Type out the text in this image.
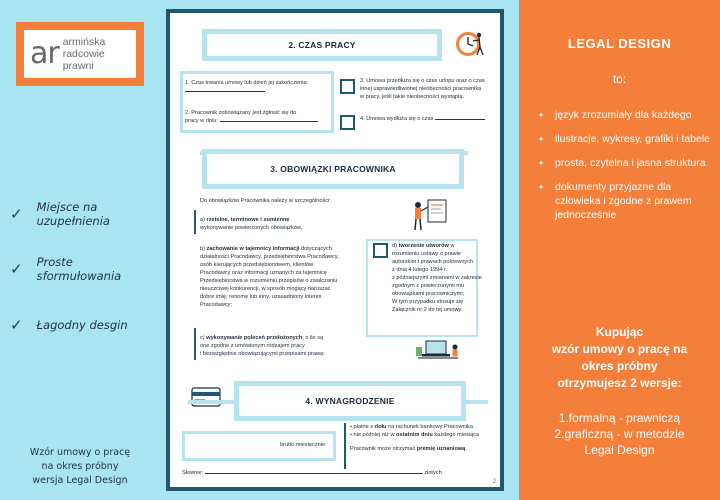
ar armińska
radcowie
prawni
✓ Miejsce na uzupełnienia
✓ Proste sformułowania
✓ Łagodny desgin
Wzór umowy o pracę
na okres próbny
wersja Legal Design
2. CZAS PRACY
1. Czas trwania umowy lub dzień jej zakończenia:
2. Pracownik zobowiązany jest zgłosić się do
pracy w dniu:
3. Umowa przedłuża się o czas urlopu oraz o czas
innej usprawiedliwionej nieobecności pracownika
w pracy, jeśli takie nieobecności wystąpią.
4. Umowa wydłuża się o czas
3. OBOWIĄZKI PRACOWNIKA
Do obowiązków Pracownika należy w szczególności:
a) rzetelne, terminowe i sumienne
wykonywanie powierzonych obowiązków,
b) zachowanie w tajemnicy informacji dotyczących
działalności Pracodawcy, przedsiębiorstwa Pracodawcy,
osób kierujących przedsiębiorstwem, klientów
Pracodawcy oraz informacji uznanych za tajemnicę
Przedsiębiorstwa w rozumieniu przepisów o zwalczaniu
nieuczciwej konkurencji, w sposób mogący naruszać
dobre imię, renomę lub inny, uzasadniony interes
Pracodawcy;
c) wykonywanie poleceń przełożonych, o ile są
one zgodne z umówionym rodzajem pracy
i bezwzględnie obowiązującymi przepisami prawa;
d) tworzenie utworów w
rozumieniu ustawy o prawie
autorskim i prawach pokrewnych
z dnia 4 lutego 1994 r.
z późniejszymi zmianami w zakresie
zgodnym z powierzonymi mu
obowiązkami pracowniczymi;
W tym przypadku stosuje się
Załącznik nr 2 do tej umowy.
4. WYNAGRODZENIE
brutto miesięcznie
• płatne z dołu na rachunek bankowy Pracownika
• nie później niż w ostatnim dniu każdego miesiąca
Pracownik może otrzymać premię uznaniową.
Słownie:	złotych
2
LEGAL DESIGN
to:
• język zrozumiały dla każdego
• ilustracje, wykresy, grafiki i tabele
• prosta, czytelna i jasna struktura
• dokumenty przyjazne dla człowieka i zgodne z prawem jednocześnie
Kupując
wzór umowy o pracę na
okres próbny
otrzymujesz 2 wersje:
1.formalną - prawniczą
2.graficzną - w metodzie
Legal Design
